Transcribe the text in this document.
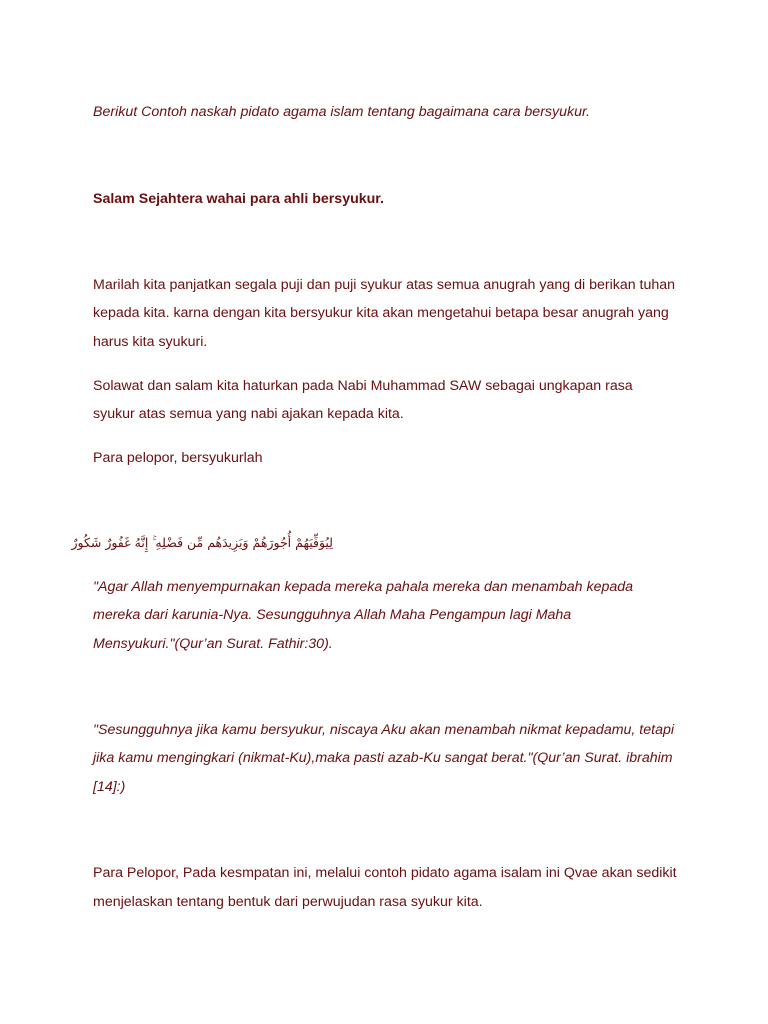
Berikut Contoh naskah pidato agama islam tentang bagaimana cara bersyukur.

Salam Sejahtera wahai para ahli bersyukur.

Marilah kita panjatkan segala puji dan puji syukur atas semua anugrah yang di berikan tuhan

kepada kita. karna dengan kita bersyukur kita akan mengetahui betapa besar anugrah yang

harus kita syukuri.

Solawat dan salam kita haturkan pada Nabi Muhammad SAW sebagai ungkapan rasa

syukur atas semua yang nabi ajakan kepada kita.

Para pelopor, bersyukurlah

لِيُوَفِّيَهُمْ أُجُورَهُمْ وَيَزِيدَهُم مِّن فَضْلِهِ ۚ إِنَّهُ غَفُورٌ شَكُورٌ

"Agar Allah menyempurnakan kepada mereka pahala mereka dan menambah kepada

mereka dari karunia-Nya. Sesungguhnya Allah Maha Pengampun lagi Maha

Mensyukuri."(Qur’an Surat. Fathir:30).

"Sesungguhnya jika kamu bersyukur, niscaya Aku akan menambah nikmat kepadamu, tetapi

jika kamu mengingkari (nikmat-Ku),maka pasti azab-Ku sangat berat."(Qur’an Surat. ibrahim

[14]:)

Para Pelopor, Pada kesmpatan ini, melalui contoh pidato agama isalam ini Qvae akan sedikit

menjelaskan tentang bentuk dari perwujudan rasa syukur kita.
